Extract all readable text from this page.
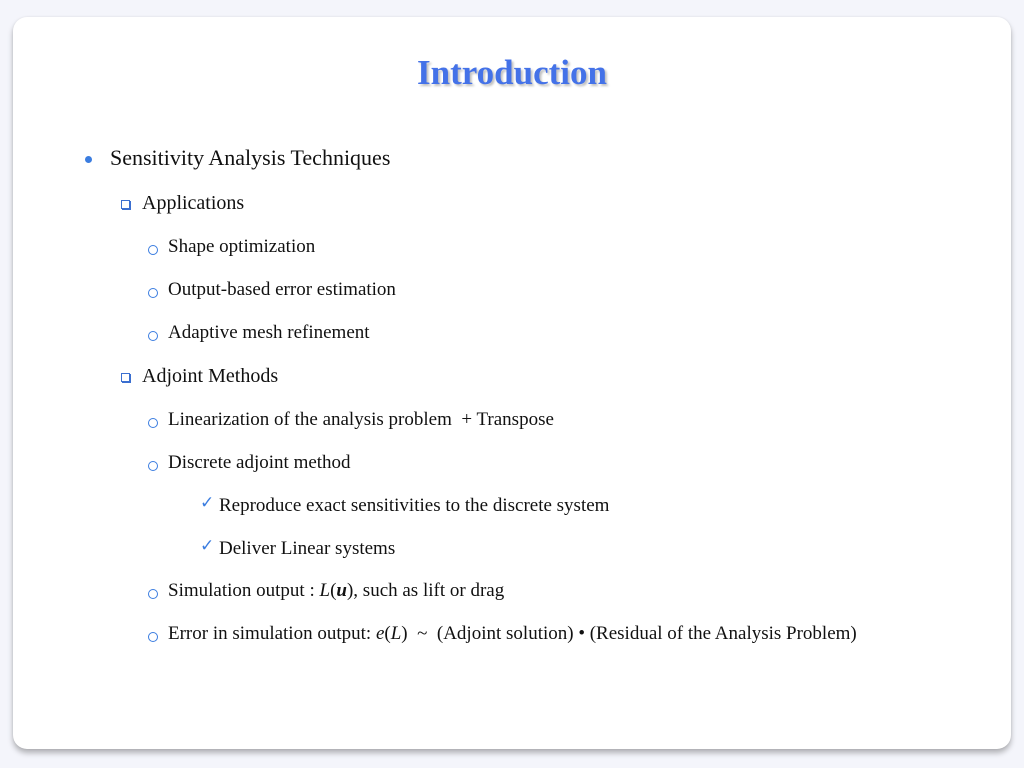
Introduction
Sensitivity Analysis Techniques
Applications
Shape optimization
Output-based error estimation
Adaptive mesh refinement
Adjoint Methods
Linearization of the analysis problem  + Transpose
Discrete adjoint method
✓ Reproduce exact sensitivities to the discrete system
✓ Deliver Linear systems
Simulation output : L(u), such as lift or drag
Error in simulation output: e(L)  ~  (Adjoint solution) • (Residual of the Analysis Problem)
